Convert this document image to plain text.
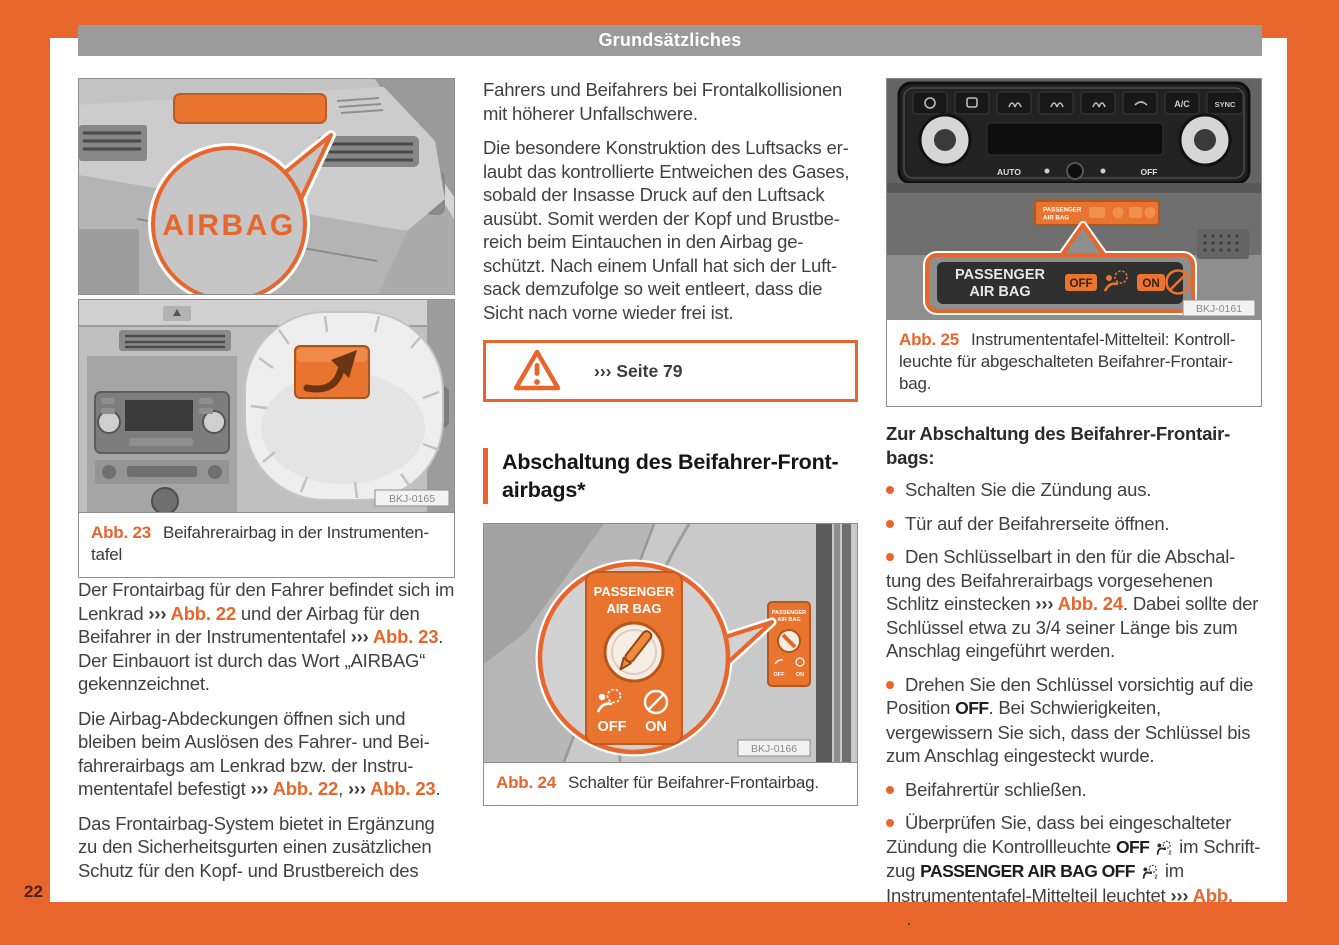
Grundsätzliches
22
AIRBAG
BKJ-0165
Abb. 23 Beifahrerairbag in der Instrumententafel

Der Frontairbag für den Fahrer befindet sich im Lenkrad ››› Abb. 22 und der Airbag für den Beifahrer in der Instrumententafel ››› Abb. 23. Der Einbauort ist durch das Wort „AIRBAG“ gekennzeichnet.

Die Airbag-Abdeckungen öffnen sich und bleiben beim Auslösen des Fahrer- und Beifahrerairbags am Lenkrad bzw. der Instrumententafel befestigt ››› Abb. 22, ››› Abb. 23.

Das Frontairbag-System bietet in Ergänzung zu den Sicherheitsgurten einen zusätzlichen Schutz für den Kopf- und Brustbereich des

Fahrers und Beifahrers bei Frontalkollisionen mit höherer Unfallschwere.

Die besondere Konstruktion des Luftsacks erlaubt das kontrollierte Entweichen des Gases, sobald der Insasse Druck auf den Luftsack ausübt. Somit werden der Kopf und Brustbereich beim Eintauchen in den Airbag geschützt. Nach einem Unfall hat sich der Luftsack demzufolge so weit entleert, dass die Sicht nach vorne wieder frei ist.

››› Seite 79
Abschaltung des Beifahrer-Frontairbags*
PASSENGER
AIR BAG
OFF ON
PASSENGER
AIR BAG
OFF ON
BKJ-0166
Abb. 24 Schalter für Beifahrer-Frontairbag.
A/C	SYNC
AUTO	OFF
PASSENGER
AIR BAG
PASSENGER
AIR BAG	OFF	ON
BKJ-0161
Abb. 25 Instrumententafel-Mittelteil: Kontrollleuchte für abgeschalteten Beifahrer-Frontairbag.

Zur Abschaltung des Beifahrer-Frontairbags:

Schalten Sie die Zündung aus.
Tür auf der Beifahrerseite öffnen.
Den Schlüsselbart in den für die Abschaltung des Beifahrerairbags vorgesehenen Schlitz einstecken ››› Abb. 24. Dabei sollte der Schlüssel etwa zu 3/4 seiner Länge bis zum Anschlag eingeführt werden.
Drehen Sie den Schlüssel vorsichtig auf die Position OFF. Bei Schwierigkeiten, vergewissern Sie sich, dass der Schlüssel bis zum Anschlag eingesteckt wurde.
Beifahrertür schließen.
Überprüfen Sie, dass bei eingeschalteter Zündung die Kontrollleuchte OFF	2 im Schriftzug PASSENGER AIR BAG OFF	2 im Instrumententafel-Mittelteil leuchtet ››› Abb. 25.
